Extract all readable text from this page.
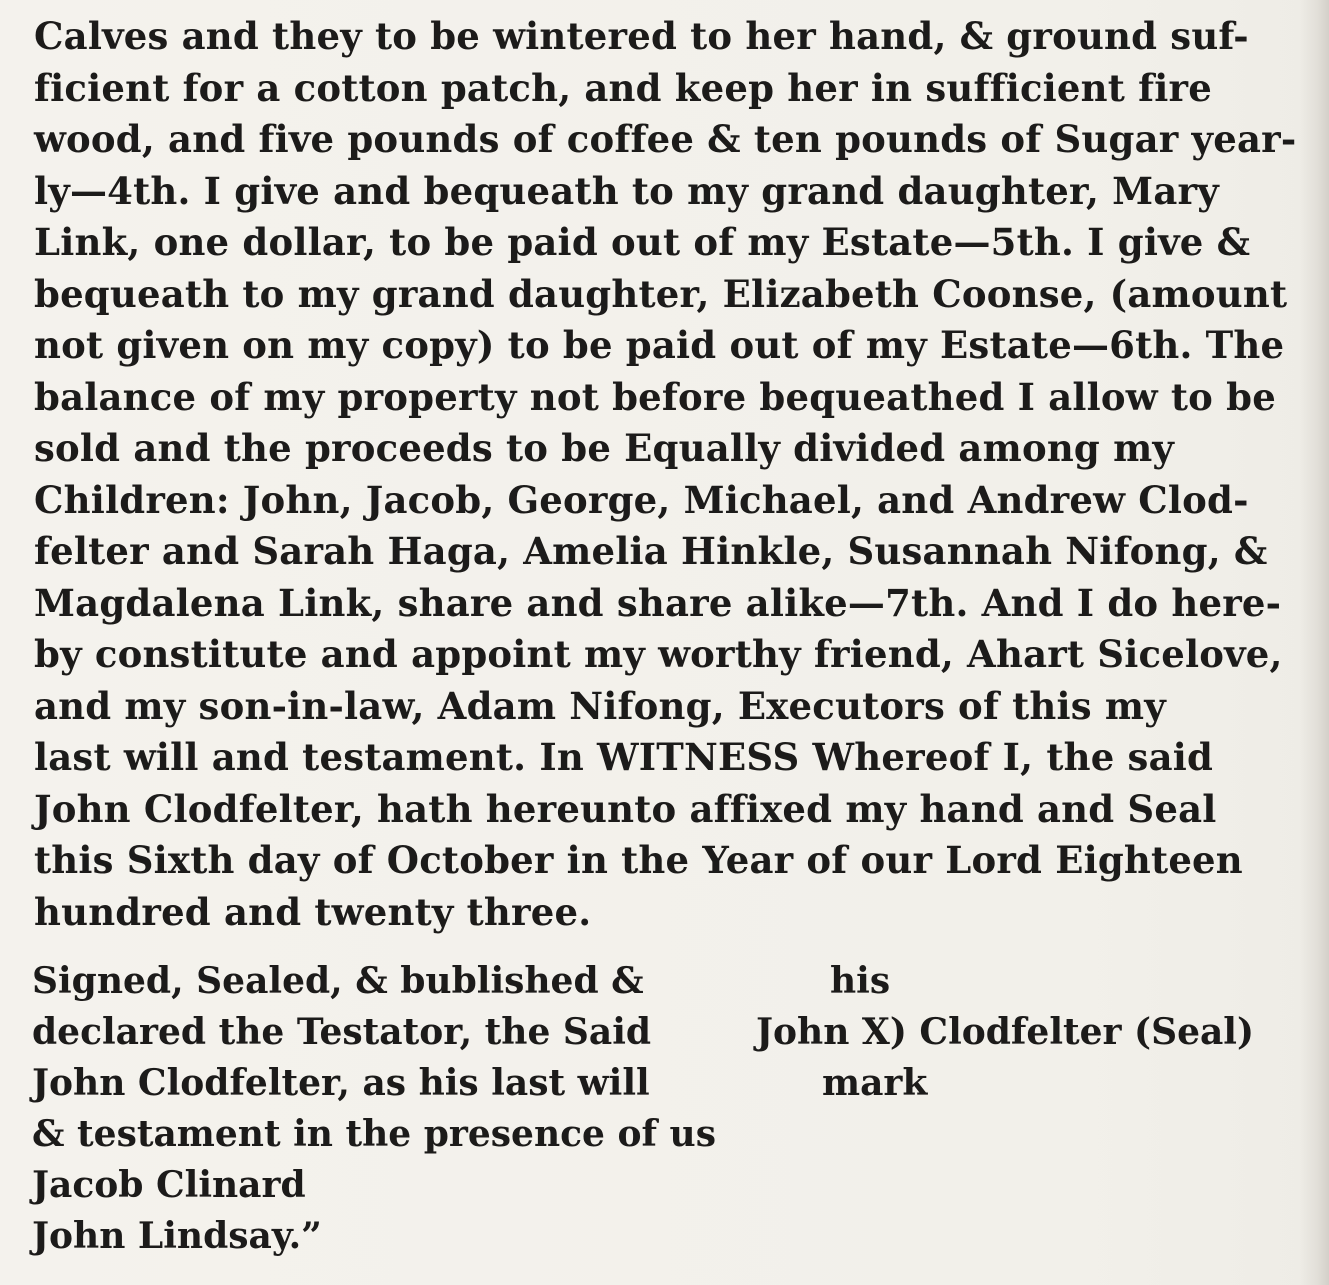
Calves and they to be wintered to her hand, & ground suf-
ficient for a cotton patch, and keep her in sufficient fire
wood, and five pounds of coffee & ten pounds of Sugar year-
ly—4th. I give and bequeath to my grand daughter, Mary
Link, one dollar, to be paid out of my Estate—5th. I give &
bequeath to my grand daughter, Elizabeth Coonse, (amount
not given on my copy) to be paid out of my Estate—6th. The
balance of my property not before bequeathed I allow to be
sold and the proceeds to be Equally divided among my
Children: John, Jacob, George, Michael, and Andrew Clod-
felter and Sarah Haga, Amelia Hinkle, Susannah Nifong, &
Magdalena Link, share and share alike—7th. And I do here-
by constitute and appoint my worthy friend, Ahart Sicelove,
and my son-in-law, Adam Nifong, Executors of this my
last will and testament. In WITNESS Whereof I, the said
John Clodfelter, hath hereunto affixed my hand and Seal
this Sixth day of October in the Year of our Lord Eighteen
hundred and twenty three.
Signed, Sealed, & bublished &
declared the Testator, the Said
John Clodfelter, as his last will
& testament in the presence of us
Jacob Clinard
John Lindsay.”
his
John X) Clodfelter (Seal)
mark
